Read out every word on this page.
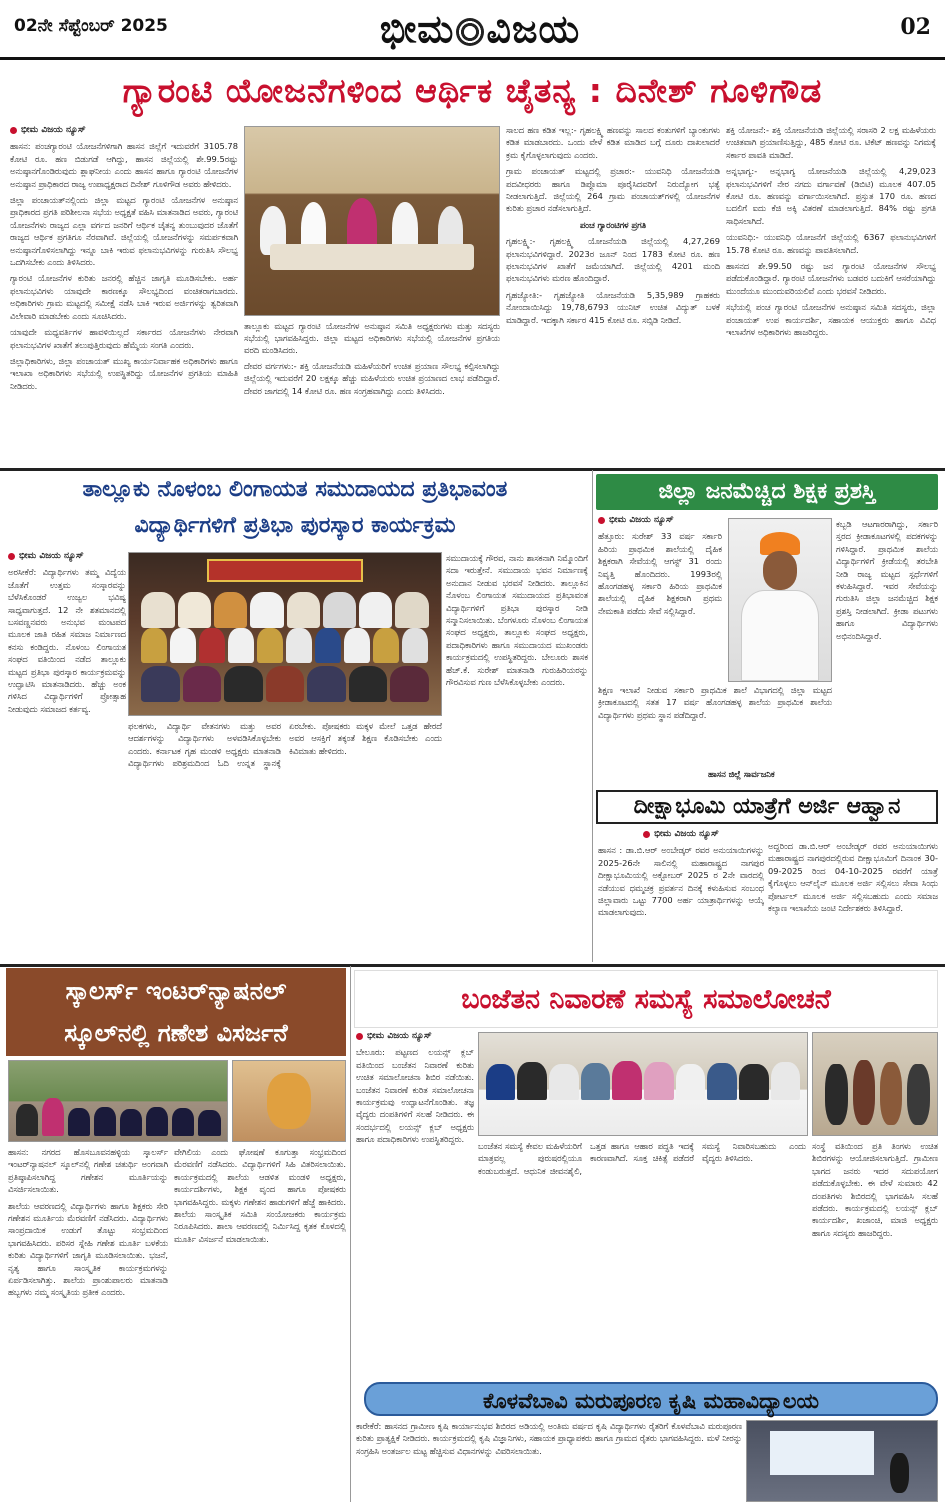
02ನೇ ಸೆಪ್ಟೆಂಬರ್ 2025	ಭೀಮ ವಿಜಯ	02
ಗ್ಯಾರಂಟಿ ಯೋಜನೆಗಳಿಂದ ಆರ್ಥಿಕ ಚೈತನ್ಯ : ದಿನೇಶ್ ಗೂಳಿಗೌಡ
ಭೀಮ ವಿಜಯ ನ್ಯೂಸ್

ಹಾಸನ: ಪಂಚಗ್ಯಾರಂಟಿ ಯೋಜನೆಗಳಿಗಾಗಿ ಹಾಸನ ಜಿಲ್ಲೆಗೆ ಇದುವರೆಗೆ 3105.78 ಕೋಟಿ ರೂ. ಹಣ ಬಿಡುಗಡೆ ಆಗಿದ್ದು, ಹಾಸನ ಜಿಲ್ಲೆಯಲ್ಲಿ ಶೇ.99.5ರಷ್ಟು ಅನುಷ್ಠಾನಗೊಂಡಿರುವುದು ಶ್ಲಾಘನೀಯ ಎಂದು ಹಾಸನ ಹಾಗೂ ಗ್ಯಾರಂಟಿ ಯೋಜನೆಗಳ ಅನುಷ್ಠಾನ ಪ್ರಾಧಿಕಾರದ ರಾಜ್ಯ ಉಪಾಧ್ಯಕ್ಷರಾದ ದಿನೇಶ್ ಗೂಳಿಗೌಡ ಅವರು ಹೇಳಿದರು.

ಜಿಲ್ಲಾ ಪಂಚಾಯತ್‌ನಲ್ಲಿಂದು ಜಿಲ್ಲಾ ಮಟ್ಟದ ಗ್ಯಾರಂಟಿ ಯೋಜನೆಗಳ ಅನುಷ್ಠಾನ ಪ್ರಾಧಿಕಾರದ ಪ್ರಗತಿ ಪರಿಶೀಲನಾ ಸಭೆಯ ಅಧ್ಯಕ್ಷತೆ ವಹಿಸಿ ಮಾತನಾಡಿದ ಅವರು, ಗ್ಯಾರಂಟಿ ಯೋಜನೆಗಳು ರಾಜ್ಯದ ಎಲ್ಲಾ ವರ್ಗದ ಜನರಿಗೆ ಆರ್ಥಿಕ ಚೈತನ್ಯ ತುಂಬುವುದರ ಜೊತೆಗೆ ರಾಜ್ಯದ ಆರ್ಥಿಕ ಪ್ರಗತಿಗೂ ನೆರವಾಗಿವೆ. ಜಿಲ್ಲೆಯಲ್ಲಿ ಯೋಜನೆಗಳನ್ನು ಸಮರ್ಪಕವಾಗಿ ಅನುಷ್ಠಾನಗೊಳಿಸಲಾಗಿದ್ದು ಇನ್ನೂ ಬಾಕಿ ಇರುವ ಫಲಾನುಭವಿಗಳನ್ನು ಗುರುತಿಸಿ ಸೌಲಭ್ಯ ಒದಗಿಸಬೇಕು ಎಂದು ತಿಳಿಸಿದರು.

ಗ್ಯಾರಂಟಿ ಯೋಜನೆಗಳ ಕುರಿತು ಜನರಲ್ಲಿ ಹೆಚ್ಚಿನ ಜಾಗೃತಿ ಮೂಡಿಸಬೇಕು. ಅರ್ಹ ಫಲಾನುಭವಿಗಳು ಯಾವುದೇ ಕಾರಣಕ್ಕೂ ಸೌಲಭ್ಯದಿಂದ ವಂಚಿತರಾಗಬಾರದು. ಅಧಿಕಾರಿಗಳು ಗ್ರಾಮ ಮಟ್ಟದಲ್ಲಿ ಸಮೀಕ್ಷೆ ನಡೆಸಿ ಬಾಕಿ ಇರುವ ಅರ್ಜಿಗಳನ್ನು ತ್ವರಿತವಾಗಿ ವಿಲೇವಾರಿ ಮಾಡಬೇಕು ಎಂದು ಸೂಚಿಸಿದರು.

ಯಾವುದೇ ಮಧ್ಯವರ್ತಿಗಳ ಹಾವಳಿಯಿಲ್ಲದೆ ಸರ್ಕಾರದ ಯೋಜನೆಗಳು ನೇರವಾಗಿ ಫಲಾನುಭವಿಗಳ ಖಾತೆಗೆ ತಲುಪುತ್ತಿರುವುದು ಹೆಮ್ಮೆಯ ಸಂಗತಿ ಎಂದರು.

ಜಿಲ್ಲಾಧಿಕಾರಿಗಳು, ಜಿಲ್ಲಾ ಪಂಚಾಯತ್ ಮುಖ್ಯ ಕಾರ್ಯನಿರ್ವಾಹಕ ಅಧಿಕಾರಿಗಳು ಹಾಗೂ ಇಲಾಖಾ ಅಧಿಕಾರಿಗಳು ಸಭೆಯಲ್ಲಿ ಉಪಸ್ಥಿತರಿದ್ದು ಯೋಜನೆಗಳ ಪ್ರಗತಿಯ ಮಾಹಿತಿ ನೀಡಿದರು.

ತಾಲ್ಲೂಕು ಮಟ್ಟದ ಗ್ಯಾರಂಟಿ ಯೋಜನೆಗಳ ಅನುಷ್ಠಾನ ಸಮಿತಿ ಅಧ್ಯಕ್ಷರುಗಳು ಮತ್ತು ಸದಸ್ಯರು ಸಭೆಯಲ್ಲಿ ಭಾಗವಹಿಸಿದ್ದರು. ಜಿಲ್ಲಾ ಮಟ್ಟದ ಅಧಿಕಾರಿಗಳು ಸಭೆಯಲ್ಲಿ ಯೋಜನೆಗಳ ಪ್ರಗತಿಯ ವರದಿ ಮಂಡಿಸಿದರು.

ದೇವರ ವರ್ಗಗಳು:- ಶಕ್ತಿ ಯೋಜನೆಯಡಿ ಮಹಿಳೆಯರಿಗೆ ಉಚಿತ ಪ್ರಯಾಣ ಸೌಲಭ್ಯ ಕಲ್ಪಿಸಲಾಗಿದ್ದು ಜಿಲ್ಲೆಯಲ್ಲಿ ಇದುವರೆಗೆ 20 ಲಕ್ಷಕ್ಕೂ ಹೆಚ್ಚು ಮಹಿಳೆಯರು ಉಚಿತ ಪ್ರಯಾಣದ ಲಾಭ ಪಡೆದಿದ್ದಾರೆ. ದೇವರ ಜಾಗದಲ್ಲಿ 14 ಕೋಟಿ ರೂ. ಹಣ ಸಂಗ್ರಹವಾಗಿದ್ದು ಎಂದು ತಿಳಿಸಿದರು.

ಸಾಲದ ಹಣ ಕಡಿತ ಇಲ್ಲ:- ಗೃಹಲಕ್ಷ್ಮಿ ಹಣವನ್ನು ಸಾಲದ ಕಂತುಗಳಿಗೆ ಬ್ಯಾಂಕುಗಳು ಕಡಿತ ಮಾಡಬಾರದು. ಒಂದು ವೇಳೆ ಕಡಿತ ಮಾಡಿದ ಬಗ್ಗೆ ದೂರು ದಾಖಲಾದರೆ ಕ್ರಮ ಕೈಗೊಳ್ಳಲಾಗುವುದು ಎಂದರು.

ಗ್ರಾಮ ಪಂಚಾಯತ್ ಮಟ್ಟದಲ್ಲಿ ಪ್ರಚಾರ:- ಯುವನಿಧಿ ಯೋಜನೆಯಡಿ ಪದವೀಧರರು ಹಾಗೂ ಡಿಪ್ಲೊಮಾ ಪೂರೈಸಿದವರಿಗೆ ನಿರುದ್ಯೋಗ ಭತ್ಯೆ ನೀಡಲಾಗುತ್ತಿದೆ. ಜಿಲ್ಲೆಯಲ್ಲಿ 264 ಗ್ರಾಮ ಪಂಚಾಯತ್‌ಗಳಲ್ಲಿ ಯೋಜನೆಗಳ ಕುರಿತು ಪ್ರಚಾರ ನಡೆಸಲಾಗುತ್ತಿದೆ.

ಪಂಚ ಗ್ಯಾರಂಟಿಗಳ ಪ್ರಗತಿ

ಗೃಹಲಕ್ಷ್ಮಿ:- ಗೃಹಲಕ್ಷ್ಮಿ ಯೋಜನೆಯಡಿ ಜಿಲ್ಲೆಯಲ್ಲಿ 4,27,269 ಫಲಾನುಭವಿಗಳಿದ್ದಾರೆ. 2023ರ ಜೂನ್ ನಿಂದ 1783 ಕೋಟಿ ರೂ. ಹಣ ಫಲಾನುಭವಿಗಳ ಖಾತೆಗೆ ಜಮೆಯಾಗಿದೆ. ಜಿಲ್ಲೆಯಲ್ಲಿ 4201 ಮಂದಿ ಫಲಾನುಭವಿಗಳು ಮರಣ ಹೊಂದಿದ್ದಾರೆ.

ಗೃಹಜ್ಯೋತಿ:- ಗೃಹಜ್ಯೋತಿ ಯೋಜನೆಯಡಿ 5,35,989 ಗ್ರಾಹಕರು ನೋಂದಾಯಿಸಿದ್ದು 19,78,6793 ಯುನಿಟ್ ಉಚಿತ ವಿದ್ಯುತ್ ಬಳಕೆ ಮಾಡಿದ್ದಾರೆ. ಇದಕ್ಕಾಗಿ ಸರ್ಕಾರ 415 ಕೋಟಿ ರೂ. ಸಬ್ಸಿಡಿ ನೀಡಿದೆ.

ಶಕ್ತಿ ಯೋಜನೆ:- ಶಕ್ತಿ ಯೋಜನೆಯಡಿ ಜಿಲ್ಲೆಯಲ್ಲಿ ಸರಾಸರಿ 2 ಲಕ್ಷ ಮಹಿಳೆಯರು ಉಚಿತವಾಗಿ ಪ್ರಯಾಣಿಸುತ್ತಿದ್ದು, 485 ಕೋಟಿ ರೂ. ಟಿಕೆಟ್ ಹಣವನ್ನು ನಿಗಮಕ್ಕೆ ಸರ್ಕಾರ ಪಾವತಿ ಮಾಡಿದೆ.

ಅನ್ನಭಾಗ್ಯ:- ಅನ್ನಭಾಗ್ಯ ಯೋಜನೆಯಡಿ ಜಿಲ್ಲೆಯಲ್ಲಿ 4,29,023 ಫಲಾನುಭವಿಗಳಿಗೆ ನೇರ ನಗದು ವರ್ಗಾವಣೆ (ಡಿಬಿಟಿ) ಮೂಲಕ 407.05 ಕೋಟಿ ರೂ. ಹಣವನ್ನು ವರ್ಗಾಯಿಸಲಾಗಿದೆ. ಪ್ರಸ್ತುತ 170 ರೂ. ಹಣದ ಬದಲಿಗೆ ಐದು ಕೆಜಿ ಅಕ್ಕಿ ವಿತರಣೆ ಮಾಡಲಾಗುತ್ತಿದೆ. 84% ರಷ್ಟು ಪ್ರಗತಿ ಸಾಧಿಸಲಾಗಿದೆ.

ಯುವನಿಧಿ:- ಯುವನಿಧಿ ಯೋಜನೆಗೆ ಜಿಲ್ಲೆಯಲ್ಲಿ 6367 ಫಲಾನುಭವಿಗಳಿಗೆ 15.78 ಕೋಟಿ ರೂ. ಹಣವನ್ನು ಪಾವತಿಸಲಾಗಿದೆ.

ಹಾಸನದ ಶೇ.99.50 ರಷ್ಟು ಜನ ಗ್ಯಾರಂಟಿ ಯೋಜನೆಗಳ ಸೌಲಭ್ಯ ಪಡೆದುಕೊಂಡಿದ್ದಾರೆ. ಗ್ಯಾರಂಟಿ ಯೋಜನೆಗಳು ಬಡವರ ಬದುಕಿಗೆ ಆಸರೆಯಾಗಿದ್ದು ಮುಂದೆಯೂ ಮುಂದುವರಿಯಲಿವೆ ಎಂದು ಭರವಸೆ ನೀಡಿದರು.

ಸಭೆಯಲ್ಲಿ ಪಂಚ ಗ್ಯಾರಂಟಿ ಯೋಜನೆಗಳ ಅನುಷ್ಠಾನ ಸಮಿತಿ ಸದಸ್ಯರು, ಜಿಲ್ಲಾ ಪಂಚಾಯತ್ ಉಪ ಕಾರ್ಯದರ್ಶಿ, ಸಹಾಯಕ ಆಯುಕ್ತರು ಹಾಗೂ ವಿವಿಧ ಇಲಾಖೆಗಳ ಅಧಿಕಾರಿಗಳು ಹಾಜರಿದ್ದರು.

ತಾಲ್ಲೂಕು ನೊಳಂಬ ಲಿಂಗಾಯತ ಸಮುದಾಯದ ಪ್ರತಿಭಾವಂತ
ವಿದ್ಯಾರ್ಥಿಗಳಿಗೆ ಪ್ರತಿಭಾ ಪುರಸ್ಕಾರ ಕಾರ್ಯಕ್ರಮ
ಭೀಮ ವಿಜಯ ನ್ಯೂಸ್

ಅರಸೀಕೆರೆ: ವಿದ್ಯಾರ್ಥಿಗಳು ತಮ್ಮ ವಿದ್ಯೆಯ ಜೊತೆಗೆ ಉತ್ತಮ ಸಂಸ್ಕಾರವನ್ನು ಬೆಳೆಸಿಕೊಂಡರೆ ಉಜ್ವಲ ಭವಿಷ್ಯ ಸಾಧ್ಯವಾಗುತ್ತದೆ. 12 ನೇ ಶತಮಾನದಲ್ಲಿ ಬಸವಣ್ಣನವರು ಅನುಭವ ಮಂಟಪದ ಮೂಲಕ ಜಾತಿ ರಹಿತ ಸಮಾಜ ನಿರ್ಮಾಣದ ಕನಸು ಕಂಡಿದ್ದರು. ನೊಳಂಬ ಲಿಂಗಾಯತ ಸಂಘದ ವತಿಯಿಂದ ನಡೆದ ತಾಲ್ಲೂಕು ಮಟ್ಟದ ಪ್ರತಿಭಾ ಪುರಸ್ಕಾರ ಕಾರ್ಯಕ್ರಮವನ್ನು ಉದ್ಘಾಟಿಸಿ ಮಾತನಾಡಿದರು. ಹೆಚ್ಚು ಅಂಕ ಗಳಿಸಿದ ವಿದ್ಯಾರ್ಥಿಗಳಿಗೆ ಪ್ರೋತ್ಸಾಹ ನೀಡುವುದು ಸಮಾಜದ ಕರ್ತವ್ಯ.

ಫಲಕಗಳು, ವಿದ್ಯಾರ್ಥಿ ವೇತನಗಳು ಮತ್ತು ಅವರ ಆದರ್ಶಗಳನ್ನು ವಿದ್ಯಾರ್ಥಿಗಳು ಅಳವಡಿಸಿಕೊಳ್ಳಬೇಕು ಎಂದರು. ಕರ್ನಾಟಕ ಗೃಹ ಮಂಡಳಿ ಅಧ್ಯಕ್ಷರು ಮಾತನಾಡಿ ವಿದ್ಯಾರ್ಥಿಗಳು ಪರಿಶ್ರಮದಿಂದ ಓದಿ ಉನ್ನತ ಸ್ಥಾನಕ್ಕೆ ಏರಬೇಕು. ಪೋಷಕರು ಮಕ್ಕಳ ಮೇಲೆ ಒತ್ತಡ ಹೇರದೆ ಅವರ ಆಸಕ್ತಿಗೆ ತಕ್ಕಂತೆ ಶಿಕ್ಷಣ ಕೊಡಿಸಬೇಕು ಎಂದು ಕಿವಿಮಾತು ಹೇಳಿದರು.

ಸಮುದಾಯಕ್ಕೆ ಗೌರವ, ನಾನು ಶಾಸಕನಾಗಿ ನಿಮ್ಮೊಂದಿಗೆ ಸದಾ ಇರುತ್ತೇನೆ. ಸಮುದಾಯ ಭವನ ನಿರ್ಮಾಣಕ್ಕೆ ಅನುದಾನ ನೀಡುವ ಭರವಸೆ ನೀಡಿದರು. ತಾಲ್ಲೂಕಿನ ನೊಳಂಬ ಲಿಂಗಾಯತ ಸಮುದಾಯದ ಪ್ರತಿಭಾವಂತ ವಿದ್ಯಾರ್ಥಿಗಳಿಗೆ ಪ್ರತಿಭಾ ಪುರಸ್ಕಾರ ನೀಡಿ ಸನ್ಮಾನಿಸಲಾಯಿತು. ಬೆಂಗಳೂರು ನೊಳಂಬ ಲಿಂಗಾಯತ ಸಂಘದ ಅಧ್ಯಕ್ಷರು, ತಾಲ್ಲೂಕು ಸಂಘದ ಅಧ್ಯಕ್ಷರು, ಪದಾಧಿಕಾರಿಗಳು ಹಾಗೂ ಸಮುದಾಯದ ಮುಖಂಡರು ಕಾರ್ಯಕ್ರಮದಲ್ಲಿ ಉಪಸ್ಥಿತರಿದ್ದರು. ಬೇಲೂರು ಶಾಸಕ ಹೆಚ್.ಕೆ. ಸುರೇಶ್ ಮಾತನಾಡಿ ಗುರುಹಿರಿಯರನ್ನು ಗೌರವಿಸುವ ಗುಣ ಬೆಳೆಸಿಕೊಳ್ಳಬೇಕು ಎಂದರು.

ಜಿಲ್ಲಾ ಜನಮೆಚ್ಚಿದ ಶಿಕ್ಷಕ ಪ್ರಶಸ್ತಿ
ಭೀಮ ವಿಜಯ ನ್ಯೂಸ್

ಹೆತ್ತೂರು: ಸುರೇಶ್ 33 ವರ್ಷ ಸರ್ಕಾರಿ ಹಿರಿಯ ಪ್ರಾಥಮಿಕ ಶಾಲೆಯಲ್ಲಿ ದೈಹಿಕ ಶಿಕ್ಷಕರಾಗಿ ಸೇವೆಯಲ್ಲಿ ಆಗಸ್ಟ್ 31 ರಂದು ನಿವೃತ್ತಿ ಹೊಂದಿದರು. 1993ರಲ್ಲಿ ಹೊಂಗಡಹಳ್ಳ ಸರ್ಕಾರಿ ಹಿರಿಯ ಪ್ರಾಥಮಿಕ ಶಾಲೆಯಲ್ಲಿ ದೈಹಿಕ ಶಿಕ್ಷಕರಾಗಿ ಪ್ರಥಮ ನೇಮಕಾತಿ ಪಡೆದು ಸೇವೆ ಸಲ್ಲಿಸಿದ್ದಾರೆ.

ಶಿಕ್ಷಣ ಇಲಾಖೆ ನೀಡುವ ಸರ್ಕಾರಿ ಪ್ರಾಥಮಿಕ ಶಾಲೆ ವಿಭಾಗದಲ್ಲಿ ಜಿಲ್ಲಾ ಮಟ್ಟದ ಕ್ರೀಡಾಕೂಟದಲ್ಲಿ ಸತತ 17 ವರ್ಷ ಹೊಂಗಡಹಳ್ಳ ಶಾಲೆಯ ಪ್ರಾಥಮಿಕ ಶಾಲೆಯ ವಿದ್ಯಾರ್ಥಿಗಳು ಪ್ರಥಮ ಸ್ಥಾನ ಪಡೆದಿದ್ದಾರೆ.

ಕಬ್ಬಡಿ ಆಟಗಾರರಾಗಿದ್ದು, ಸರ್ಕಾರಿ ಸ್ತರದ ಕ್ರೀಡಾಕೂಟಗಳಲ್ಲಿ ಪದಕಗಳನ್ನು ಗಳಿಸಿದ್ದಾರೆ. ಪ್ರಾಥಮಿಕ ಶಾಲೆಯ ವಿದ್ಯಾರ್ಥಿಗಳಿಗೆ ಕ್ರೀಡೆಯಲ್ಲಿ ತರಬೇತಿ ನೀಡಿ ರಾಜ್ಯ ಮಟ್ಟದ ಸ್ಪರ್ಧೆಗಳಿಗೆ ಕಳುಹಿಸಿದ್ದಾರೆ. ಇವರ ಸೇವೆಯನ್ನು ಗುರುತಿಸಿ ಜಿಲ್ಲಾ ಜನಮೆಚ್ಚಿದ ಶಿಕ್ಷಕ ಪ್ರಶಸ್ತಿ ನೀಡಲಾಗಿದೆ. ಕ್ರೀಡಾ ಪಟುಗಳು ಹಾಗೂ ವಿದ್ಯಾರ್ಥಿಗಳು ಅಭಿನಂದಿಸಿದ್ದಾರೆ.

ಹಾಸನ ಜಿಲ್ಲೆ ಸಾರ್ವಜನಿಕ
ದೀಕ್ಷಾಭೂಮಿ ಯಾತ್ರೆಗೆ ಅರ್ಜಿ ಆಹ್ವಾನ
ಭೀಮ ವಿಜಯ ನ್ಯೂಸ್

ಹಾಸನ : ಡಾ.ಬಿ.ಆರ್ ಅಂಬೇಡ್ಕರ್ ರವರ ಅನುಯಾಯಿಗಳನ್ನು 2025-26ನೇ ಸಾಲಿನಲ್ಲಿ ಮಹಾರಾಷ್ಟ್ರದ ನಾಗಪುರ ದೀಕ್ಷಾಭೂಮಿಯಲ್ಲಿ ಅಕ್ಟೋಬರ್ 2025 ರ 2ನೇ ವಾರದಲ್ಲಿ ನಡೆಯುವ ಧಮ್ಮಚಕ್ರ ಪ್ರವರ್ತನ ದಿನಕ್ಕೆ ಕಳುಹಿಸುವ ಸಂಬಂಧ ಜಿಲ್ಲಾವಾರು ಒಟ್ಟು 7700 ಅರ್ಹ ಯಾತ್ರಾರ್ಥಿಗಳನ್ನು ಆಯ್ಕೆ ಮಾಡಲಾಗುವುದು.

ಅದ್ದರಿಂದ ಡಾ.ಬಿ.ಆರ್ ಅಂಬೇಡ್ಕರ್ ರವರ ಅನುಯಾಯಿಗಳು ಮಹಾರಾಷ್ಟ್ರದ ನಾಗಪುರದಲ್ಲಿರುವ ದೀಕ್ಷಾಭೂಮಿಗೆ ದಿನಾಂಕ 30-09-2025 ರಿಂದ 04-10-2025 ರವರೆಗೆ ಯಾತ್ರೆ ಕೈಗೊಳ್ಳಲು ಆನ್‌ಲೈನ್ ಮೂಲಕ ಅರ್ಜಿ ಸಲ್ಲಿಸಲು ಸೇವಾ ಸಿಂಧು ಪೋರ್ಟಲ್ ಮೂಲಕ ಅರ್ಜಿ ಸಲ್ಲಿಸಬಹುದು ಎಂದು ಸಮಾಜ ಕಲ್ಯಾಣ ಇಲಾಖೆಯ ಜಂಟಿ ನಿರ್ದೇಶಕರು ತಿಳಿಸಿದ್ದಾರೆ.

ಸ್ಕಾಲರ್ಸ್ ಇಂಟರ್‌ನ್ಯಾಷನಲ್
ಸ್ಕೂಲ್‌ನಲ್ಲಿ ಗಣೇಶ ವಿಸರ್ಜನೆ

ಹಾಸನ: ನಗರದ ಹೊಸಬೂವನಹಳ್ಳಿಯ ಸ್ಕಾಲರ್ಸ್ ಇಂಟರ್‌ನ್ಯಾಷನಲ್ ಸ್ಕೂಲ್‌ನಲ್ಲಿ ಗಣೇಶ ಚತುರ್ಥಿ ಅಂಗವಾಗಿ ಪ್ರತಿಷ್ಠಾಪಿಸಲಾಗಿದ್ದ ಗಣೇಶನ ಮೂರ್ತಿಯನ್ನು ವಿಸರ್ಜಿಸಲಾಯಿತು.

ಶಾಲೆಯ ಆವರಣದಲ್ಲಿ ವಿದ್ಯಾರ್ಥಿಗಳು ಹಾಗೂ ಶಿಕ್ಷಕರು ಸೇರಿ ಗಣೇಶನ ಮೂರ್ತಿಯ ಮೆರವಣಿಗೆ ನಡೆಸಿದರು. ವಿದ್ಯಾರ್ಥಿಗಳು ಸಾಂಪ್ರದಾಯಿಕ ಉಡುಗೆ ತೊಟ್ಟು ಸಂಭ್ರಮದಿಂದ ಭಾಗವಹಿಸಿದರು. ಪರಿಸರ ಸ್ನೇಹಿ ಗಣೇಶ ಮೂರ್ತಿ ಬಳಕೆಯ ಕುರಿತು ವಿದ್ಯಾರ್ಥಿಗಳಿಗೆ ಜಾಗೃತಿ ಮೂಡಿಸಲಾಯಿತು. ಭಜನೆ, ನೃತ್ಯ ಹಾಗೂ ಸಾಂಸ್ಕೃತಿಕ ಕಾರ್ಯಕ್ರಮಗಳನ್ನು ಏರ್ಪಡಿಸಲಾಗಿತ್ತು. ಶಾಲೆಯ ಪ್ರಾಂಶುಪಾಲರು ಮಾತನಾಡಿ ಹಬ್ಬಗಳು ನಮ್ಮ ಸಂಸ್ಕೃತಿಯ ಪ್ರತೀಕ ಎಂದರು.

ವೇಗಿಲಿಯ ಎಂದು ಘೋಷಣೆ ಕೂಗುತ್ತಾ ಸಂಭ್ರಮದಿಂದ ಮೆರವಣಿಗೆ ನಡೆಸಿದರು. ವಿದ್ಯಾರ್ಥಿಗಳಿಗೆ ಸಿಹಿ ವಿತರಿಸಲಾಯಿತು. ಕಾರ್ಯಕ್ರಮದಲ್ಲಿ ಶಾಲೆಯ ಆಡಳಿತ ಮಂಡಳಿ ಅಧ್ಯಕ್ಷರು, ಕಾರ್ಯದರ್ಶಿಗಳು, ಶಿಕ್ಷಕ ವೃಂದ ಹಾಗೂ ಪೋಷಕರು ಭಾಗವಹಿಸಿದ್ದರು. ಮಕ್ಕಳು ಗಣೇಶನ ಹಾಡುಗಳಿಗೆ ಹೆಜ್ಜೆ ಹಾಕಿದರು. ಶಾಲೆಯ ಸಾಂಸ್ಕೃತಿಕ ಸಮಿತಿ ಸಂಯೋಜಕರು ಕಾರ್ಯಕ್ರಮ ನಿರೂಪಿಸಿದರು. ಶಾಲಾ ಆವರಣದಲ್ಲಿ ನಿರ್ಮಿಸಿದ್ದ ಕೃತಕ ಕೊಳದಲ್ಲಿ ಮೂರ್ತಿ ವಿಸರ್ಜನೆ ಮಾಡಲಾಯಿತು.

ಬಂಜೆತನ ನಿವಾರಣೆ ಸಮಸ್ಯೆ ಸಮಾಲೋಚನೆ
ಭೀಮ ವಿಜಯ ನ್ಯೂಸ್

ಬೇಲೂರು: ಪಟ್ಟಣದ ಲಯನ್ಸ್ ಕ್ಲಬ್ ವತಿಯಿಂದ ಬಂಜೆತನ ನಿವಾರಣೆ ಕುರಿತು ಉಚಿತ ಸಮಾಲೋಚನಾ ಶಿಬಿರ ನಡೆಯಿತು. ಬಂಜೆತನ ನಿವಾರಣೆ ಕುರಿತ ಸಮಾಲೋಚನಾ ಕಾರ್ಯಕ್ರಮವು ಉದ್ಘಾಟನೆಗೊಂಡಿತು. ತಜ್ಞ ವೈದ್ಯರು ದಂಪತಿಗಳಿಗೆ ಸಲಹೆ ನೀಡಿದರು. ಈ ಸಂದರ್ಭದಲ್ಲಿ ಲಯನ್ಸ್ ಕ್ಲಬ್ ಅಧ್ಯಕ್ಷರು ಹಾಗೂ ಪದಾಧಿಕಾರಿಗಳು ಉಪಸ್ಥಿತರಿದ್ದರು.

ಬಂಜೆತನ ಸಮಸ್ಯೆ ಕೇವಲ ಮಹಿಳೆಯರಿಗೆ ಮಾತ್ರವಲ್ಲ ಪುರುಷರಲ್ಲಿಯೂ ಕಂಡುಬರುತ್ತದೆ. ಆಧುನಿಕ ಜೀವನಶೈಲಿ, ಒತ್ತಡ ಹಾಗೂ ಆಹಾರ ಪದ್ಧತಿ ಇದಕ್ಕೆ ಕಾರಣವಾಗಿದೆ. ಸೂಕ್ತ ಚಿಕಿತ್ಸೆ ಪಡೆದರೆ ಸಮಸ್ಯೆ ನಿವಾರಿಸಬಹುದು ಎಂದು ವೈದ್ಯರು ತಿಳಿಸಿದರು.

ಸಂಸ್ಥೆ ವತಿಯಿಂದ ಪ್ರತಿ ತಿಂಗಳು ಉಚಿತ ಶಿಬಿರಗಳನ್ನು ಆಯೋಜಿಸಲಾಗುತ್ತಿದೆ. ಗ್ರಾಮೀಣ ಭಾಗದ ಜನರು ಇದರ ಸದುಪಯೋಗ ಪಡೆದುಕೊಳ್ಳಬೇಕು. ಈ ವೇಳೆ ಸುಮಾರು 42 ದಂಪತಿಗಳು ಶಿಬಿರದಲ್ಲಿ ಭಾಗವಹಿಸಿ ಸಲಹೆ ಪಡೆದರು. ಕಾರ್ಯಕ್ರಮದಲ್ಲಿ ಲಯನ್ಸ್ ಕ್ಲಬ್ ಕಾರ್ಯದರ್ಶಿ, ಖಜಾಂಚಿ, ಮಾಜಿ ಅಧ್ಯಕ್ಷರು ಹಾಗೂ ಸದಸ್ಯರು ಹಾಜರಿದ್ದರು.

ಕೊಳವೆಬಾವಿ ಮರುಪೂರಣ ಕೃಷಿ ಮಹಾವಿದ್ಯಾಲಯ

ಕಾರೇಕೆರೆ: ಹಾಸನದ ಗ್ರಾಮೀಣ ಕೃಷಿ ಕಾರ್ಯಾನುಭವ ಶಿಬಿರದ ಅಡಿಯಲ್ಲಿ ಅಂತಿಮ ವರ್ಷದ ಕೃಷಿ ವಿದ್ಯಾರ್ಥಿಗಳು ರೈತರಿಗೆ ಕೊಳವೆಬಾವಿ ಮರುಪೂರಣ ಕುರಿತು ಪ್ರಾತ್ಯಕ್ಷಿಕೆ ನೀಡಿದರು. ಕಾರ್ಯಕ್ರಮದಲ್ಲಿ ಕೃಷಿ ವಿಜ್ಞಾನಿಗಳು, ಸಹಾಯಕ ಪ್ರಾಧ್ಯಾಪಕರು ಹಾಗೂ ಗ್ರಾಮದ ರೈತರು ಭಾಗವಹಿಸಿದ್ದರು. ಮಳೆ ನೀರನ್ನು ಸಂಗ್ರಹಿಸಿ ಅಂತರ್ಜಲ ಮಟ್ಟ ಹೆಚ್ಚಿಸುವ ವಿಧಾನಗಳನ್ನು ವಿವರಿಸಲಾಯಿತು.
